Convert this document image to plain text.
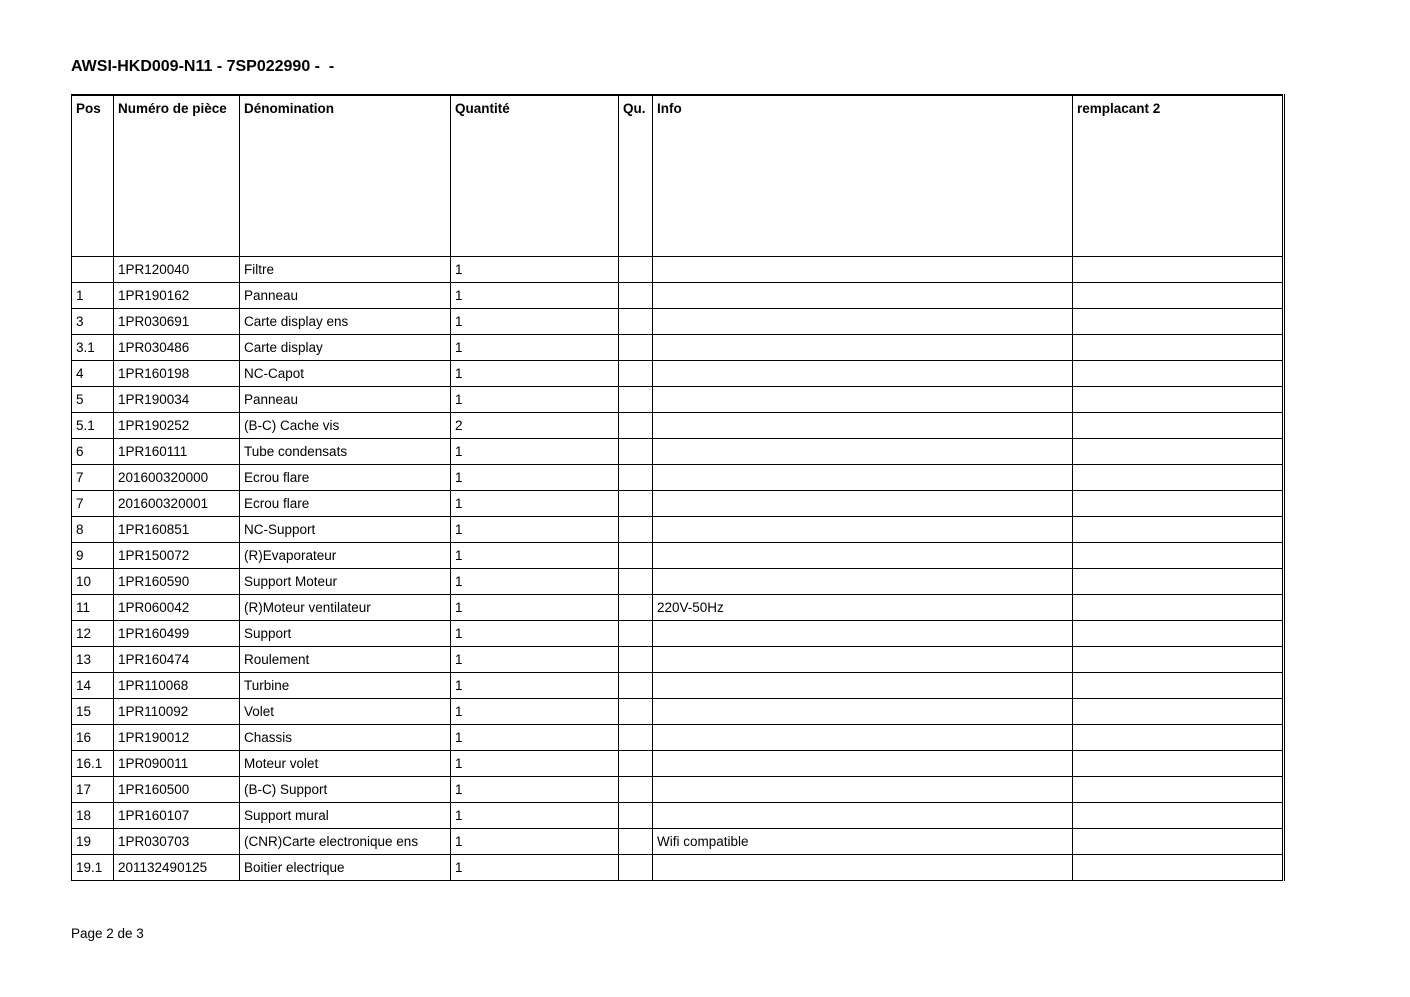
AWSI-HKD009-N11 - 7SP022990 -  -
Pos	Numéro de pièce	Dénomination	Quantité	Qu.	Info	remplacant 2
	1PR120040	Filtre	1			
1	1PR190162	Panneau	1			
3	1PR030691	Carte display ens	1			
3.1	1PR030486	Carte display	1			
4	1PR160198	NC-Capot	1			
5	1PR190034	Panneau	1			
5.1	1PR190252	(B-C) Cache vis	2			
6	1PR160111	Tube condensats	1			
7	201600320000	Ecrou flare	1			
7	201600320001	Ecrou flare	1			
8	1PR160851	NC-Support	1			
9	1PR150072	(R)Evaporateur	1			
10	1PR160590	Support Moteur	1			
11	1PR060042	(R)Moteur ventilateur	1		220V-50Hz	
12	1PR160499	Support	1			
13	1PR160474	Roulement	1			
14	1PR110068	Turbine	1			
15	1PR110092	Volet	1			
16	1PR190012	Chassis	1			
16.1	1PR090011	Moteur volet	1			
17	1PR160500	(B-C) Support	1			
18	1PR160107	Support mural	1			
19	1PR030703	(CNR)Carte electronique ens	1		Wifi compatible	
19.1	201132490125	Boitier electrique	1			
Page 2 de 3
